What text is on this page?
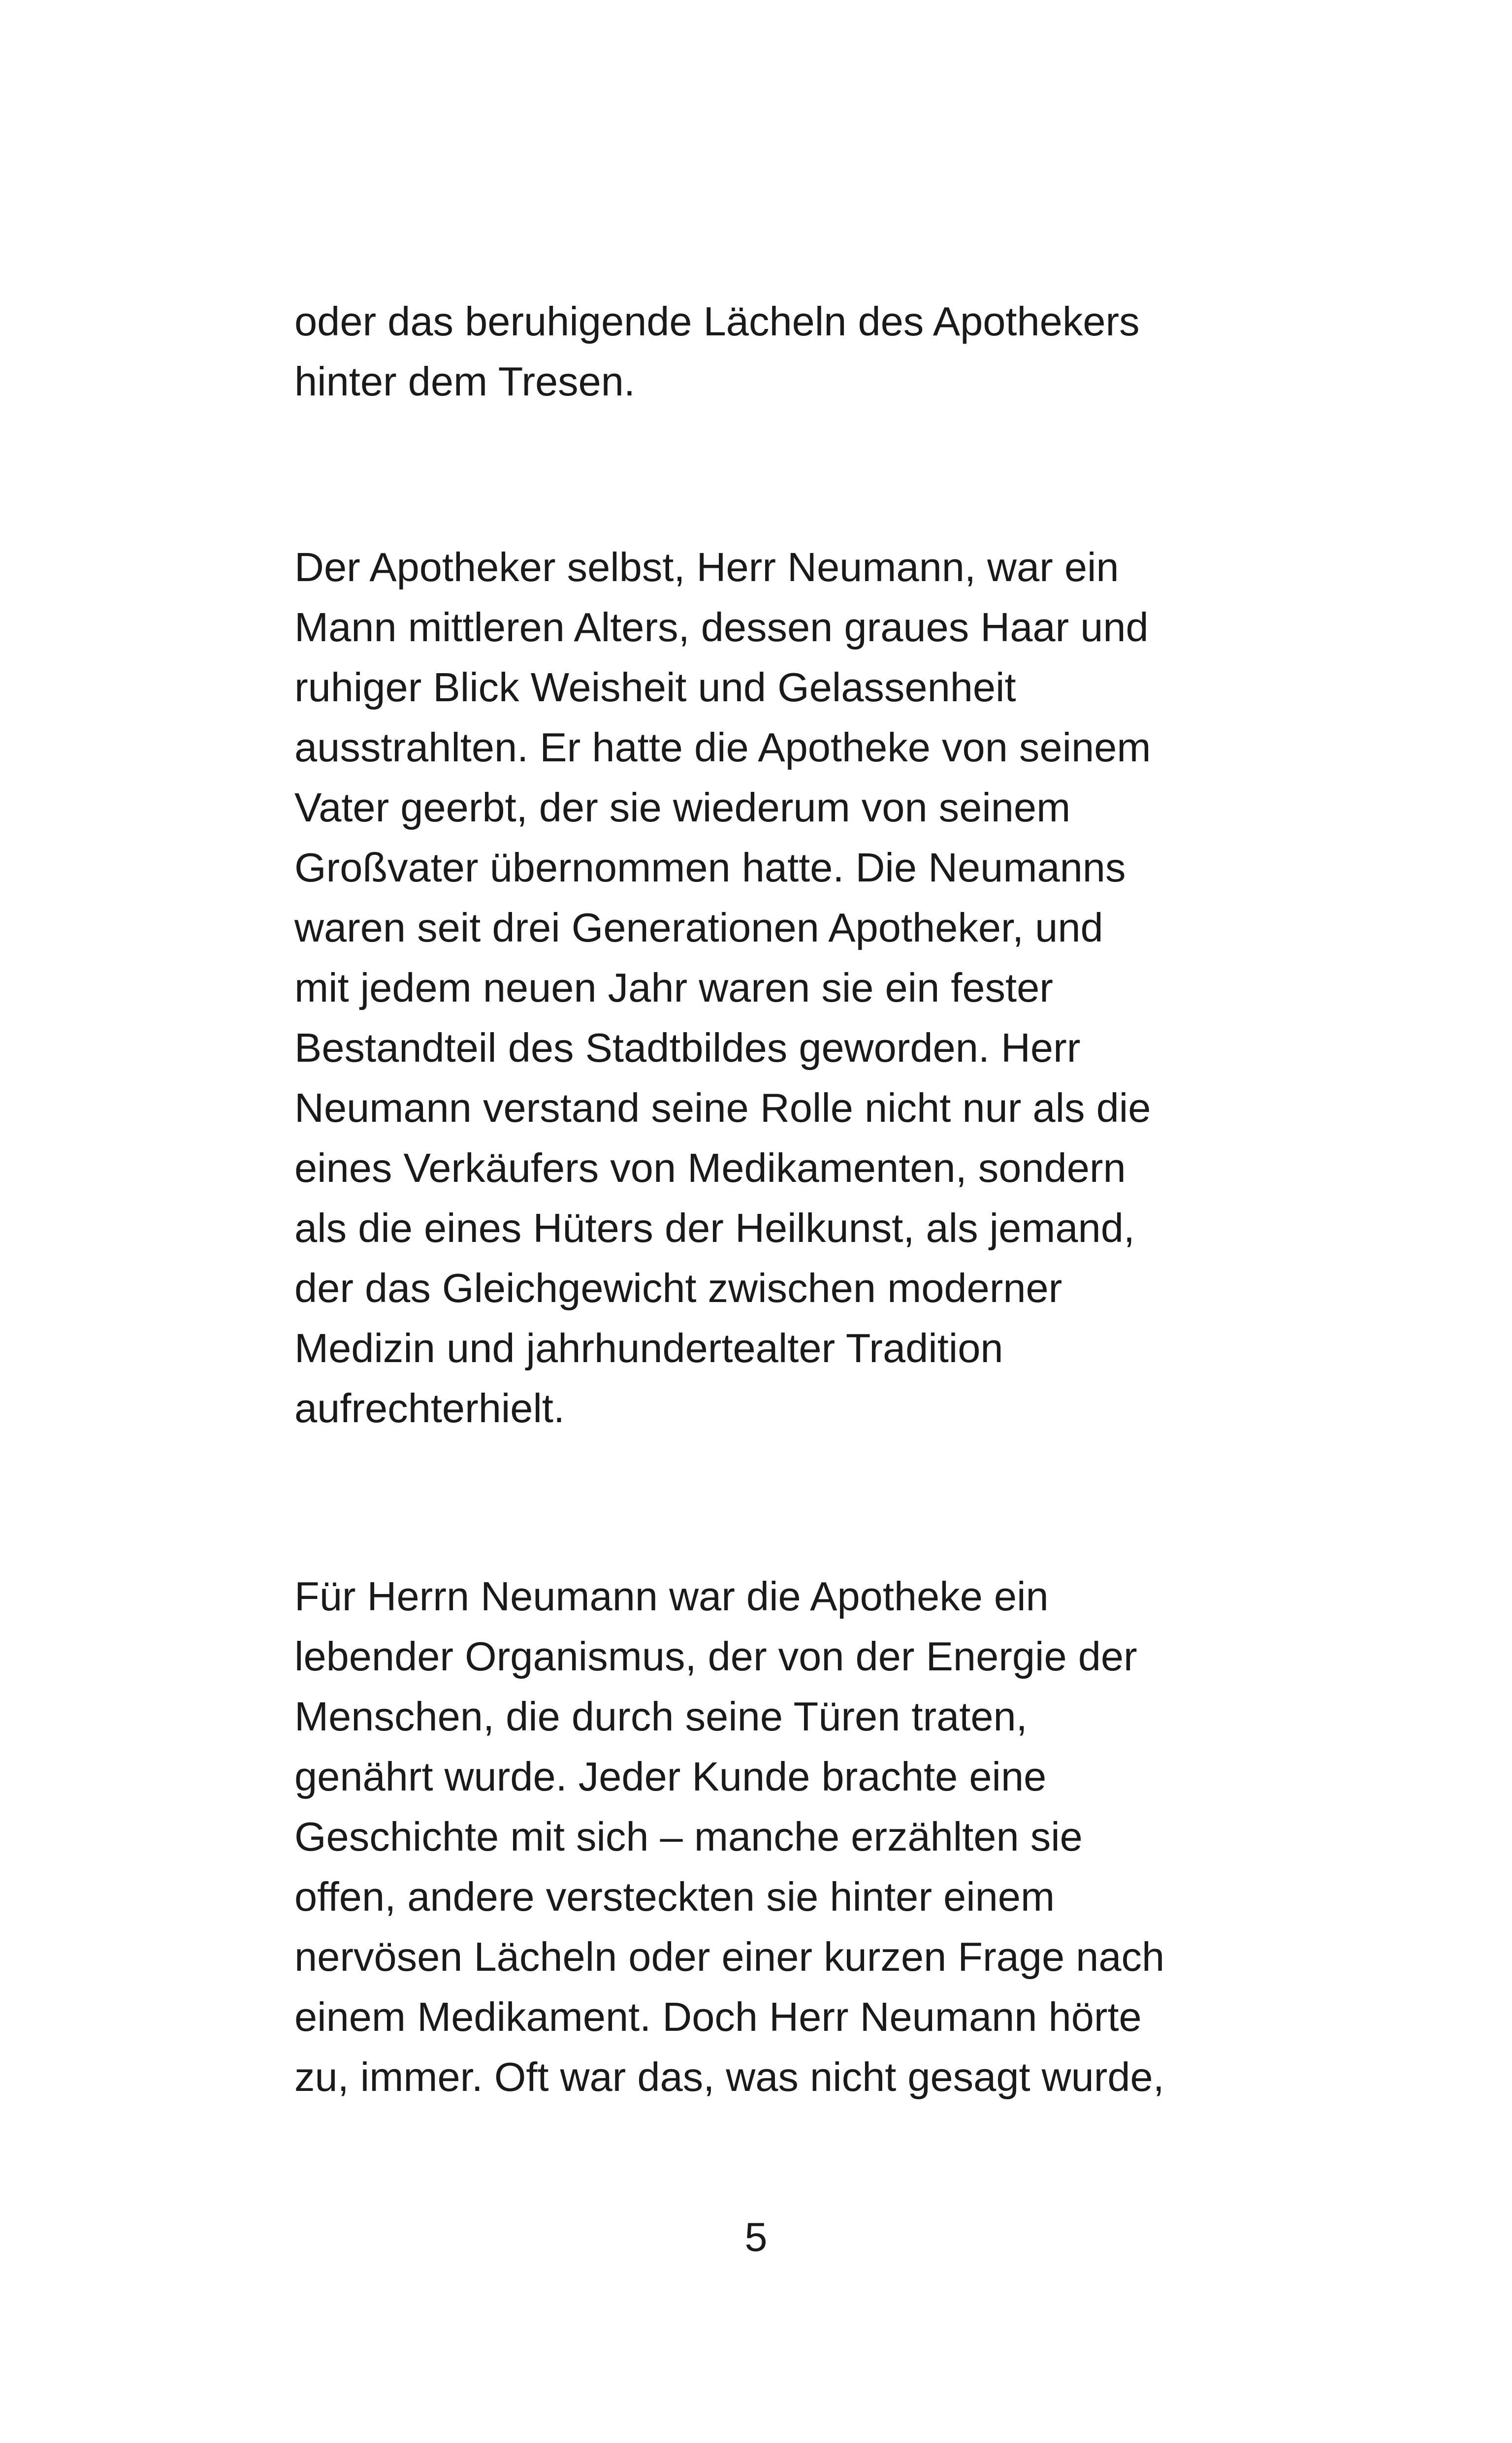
oder das beruhigende Lächeln des Apothekers
hinter dem Tresen.

Der Apotheker selbst, Herr Neumann, war ein
Mann mittleren Alters, dessen graues Haar und
ruhiger Blick Weisheit und Gelassenheit
ausstrahlten. Er hatte die Apotheke von seinem
Vater geerbt, der sie wiederum von seinem
Großvater übernommen hatte. Die Neumanns
waren seit drei Generationen Apotheker, und
mit jedem neuen Jahr waren sie ein fester
Bestandteil des Stadtbildes geworden. Herr
Neumann verstand seine Rolle nicht nur als die
eines Verkäufers von Medikamenten, sondern
als die eines Hüters der Heilkunst, als jemand,
der das Gleichgewicht zwischen moderner
Medizin und jahrhundertealter Tradition
aufrechterhielt.

Für Herrn Neumann war die Apotheke ein
lebender Organismus, der von der Energie der
Menschen, die durch seine Türen traten,
genährt wurde. Jeder Kunde brachte eine
Geschichte mit sich – manche erzählten sie
offen, andere versteckten sie hinter einem
nervösen Lächeln oder einer kurzen Frage nach
einem Medikament. Doch Herr Neumann hörte
zu, immer. Oft war das, was nicht gesagt wurde,

5
